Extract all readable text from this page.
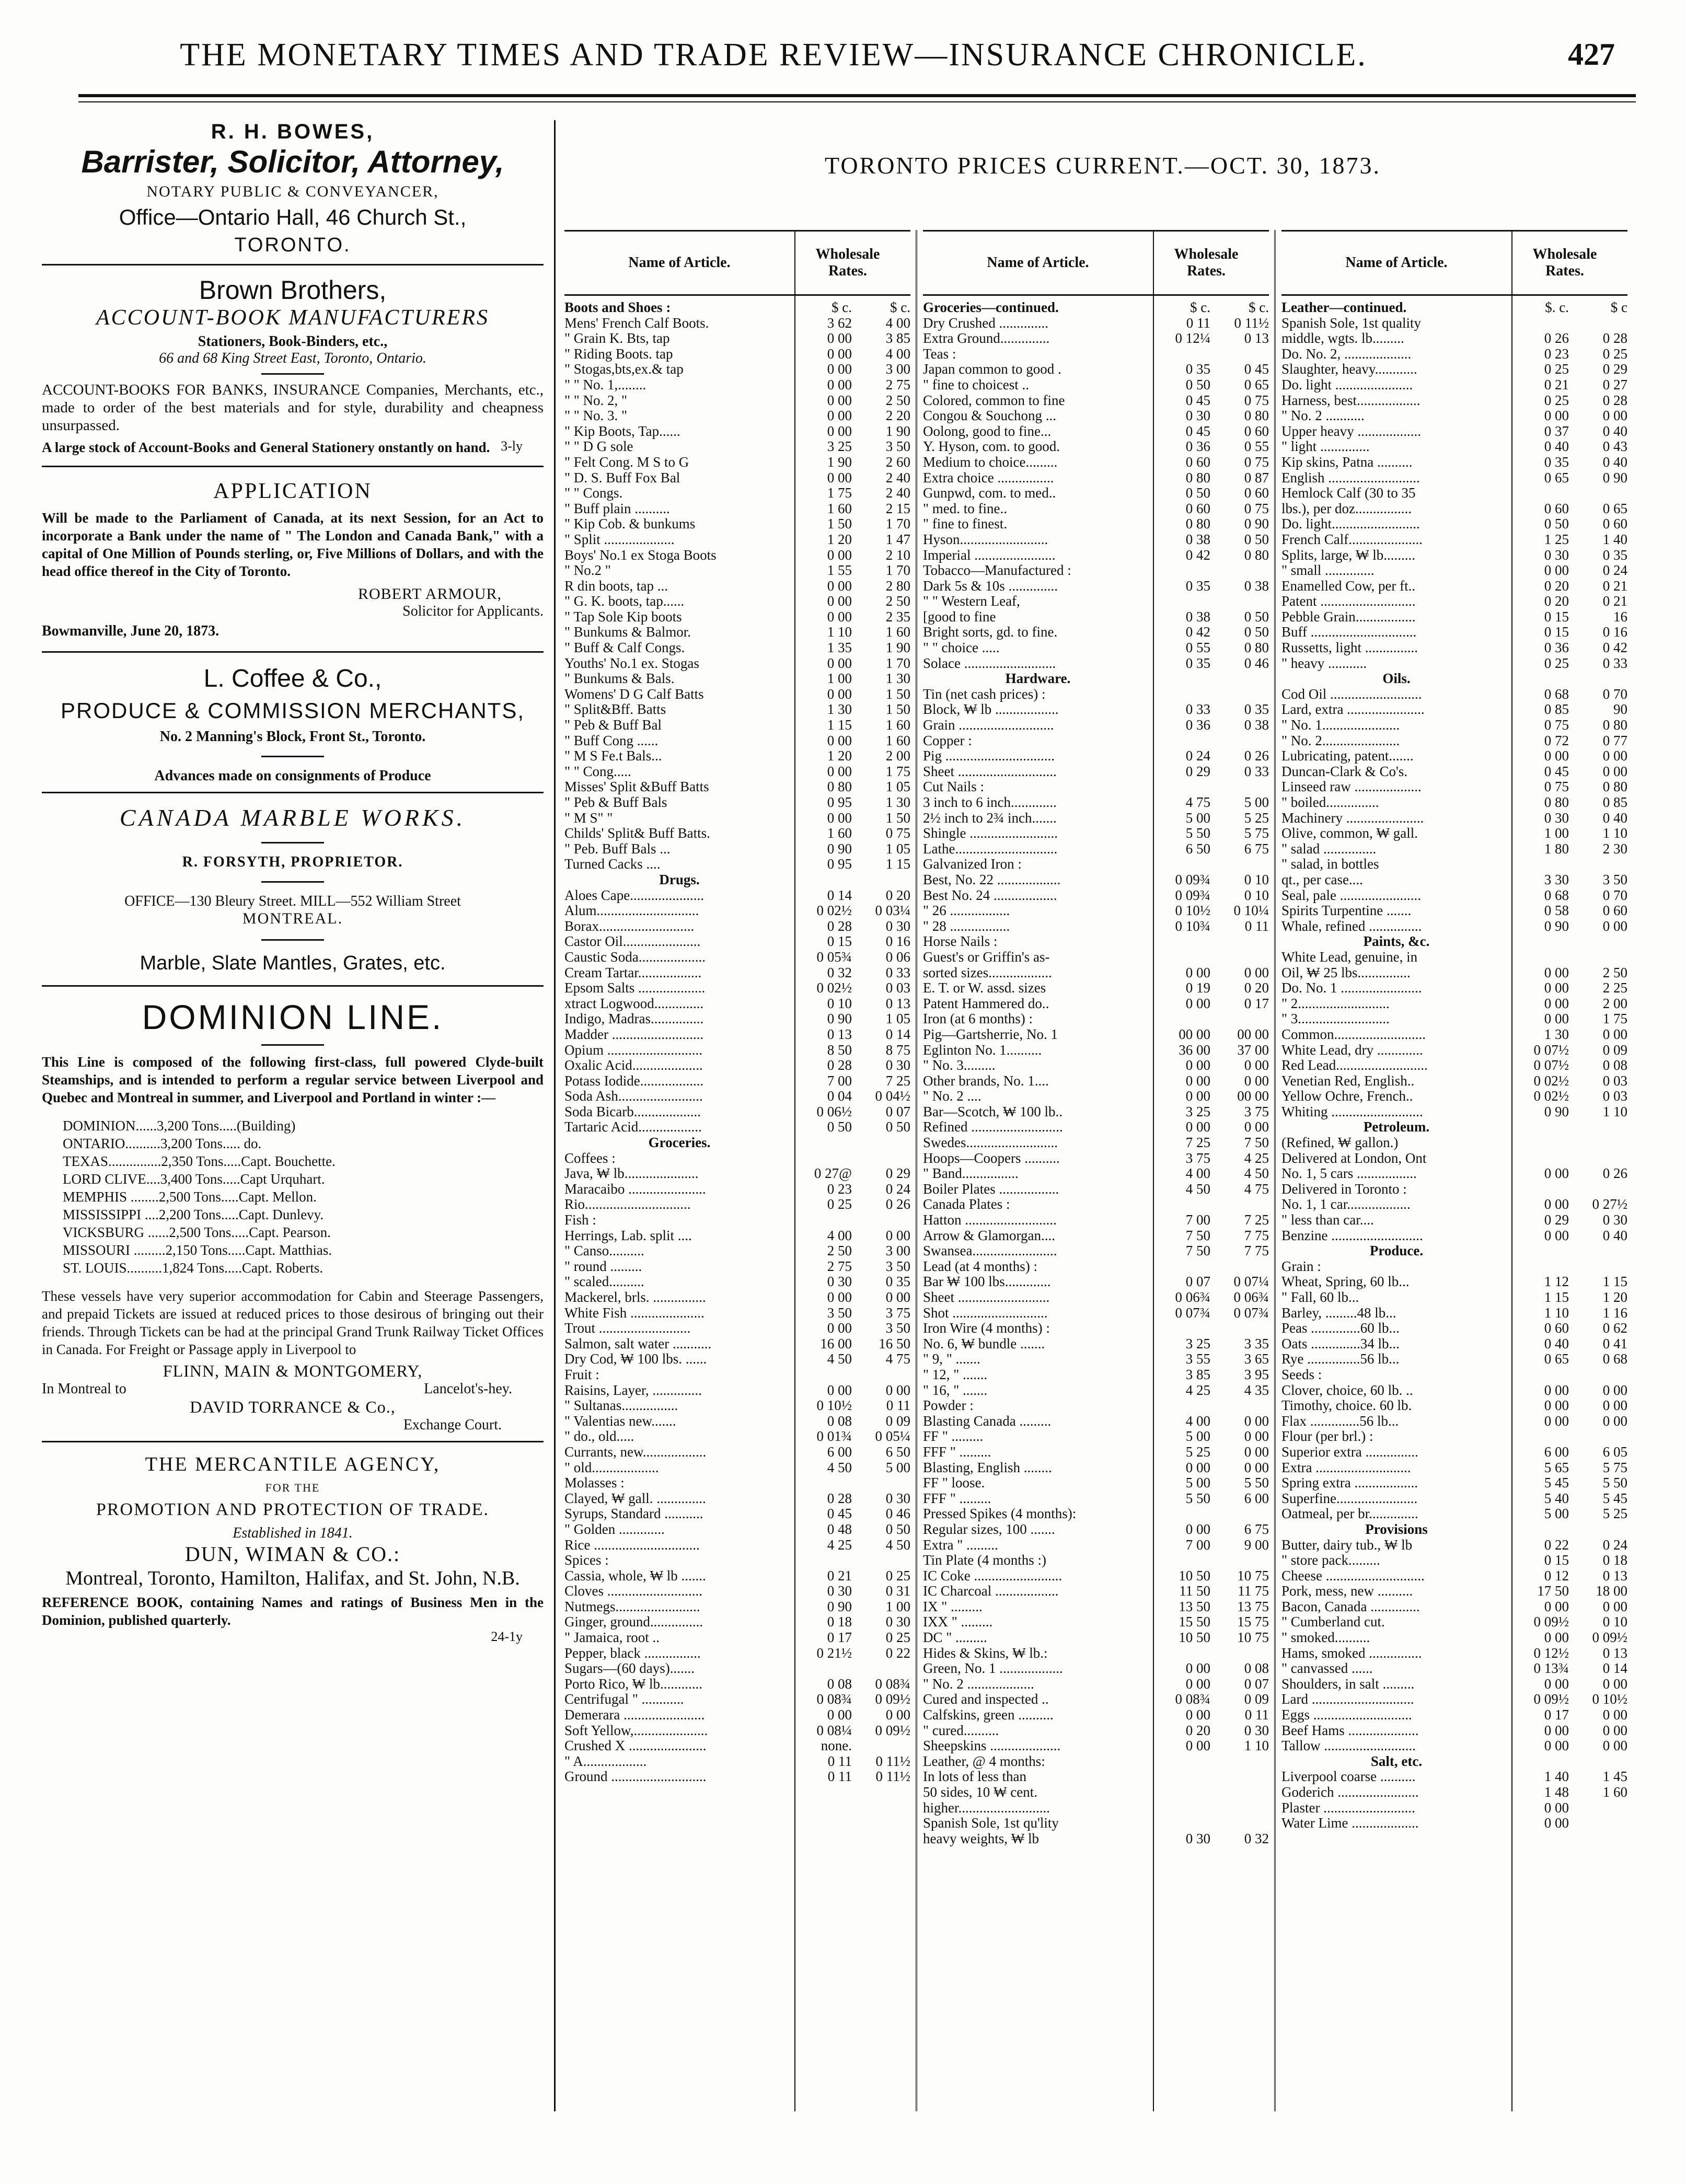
THE MONETARY TIMES AND TRADE REVIEW—INSURANCE CHRONICLE.	427
R. H. BOWES,
Barrister, Solicitor, Attorney,
NOTARY PUBLIC & CONVEYANCER,
Office—Ontario Hall, 46 Church St.,
TORONTO.
Brown Brothers,
ACCOUNT-BOOK MANUFACTURERS
Stationers, Book-Binders, etc.,
66 and 68 King Street East, Toronto, Ontario.
ACCOUNT-BOOKS FOR BANKS, INSURANCE Companies, Merchants, etc., made to order of the best materials and for style, durability and cheapness unsurpassed.
A large stock of Account-Books and General Stationery onstantly on hand. 3-ly
APPLICATION
Will be made to the Parliament of Canada, at its next Session, for an Act to incorporate a Bank under the name of " The London and Canada Bank," with a capital of One Million of Pounds sterling, or, Five Millions of Dollars, and with the head office thereof in the City of Toronto.
ROBERT ARMOUR,
Solicitor for Applicants.
Bowmanville, June 20, 1873.
L. Coffee & Co.,
PRODUCE & COMMISSION MERCHANTS,
No. 2 Manning's Block, Front St., Toronto.
Advances made on consignments of Produce
CANADA MARBLE WORKS.
R. FORSYTH, PROPRIETOR.
OFFICE—130 Bleury Street. MILL—552 William Street
MONTREAL.
Marble, Slate Mantles, Grates, etc.
DOMINION LINE.
This Line is composed of the following first-class, full powered Clyde-built Steamships, and is intended to perform a regular service between Liverpool and Quebec and Montreal in summer, and Liverpool and Portland in winter :—
DOMINION......3,200 Tons.....(Building)
ONTARIO..........3,200 Tons..... do.
TEXAS...............2,350 Tons.....Capt. Bouchette.
LORD CLIVE....3,400 Tons.....Capt Urquhart.
MEMPHIS ........2,500 Tons.....Capt. Mellon.
MISSISSIPPI ....2,200 Tons.....Capt. Dunlevy.
VICKSBURG ......2,500 Tons.....Capt. Pearson.
MISSOURI .........2,150 Tons.....Capt. Matthias.
ST. LOUIS..........1,824 Tons.....Capt. Roberts.
These vessels have very superior accommodation for Cabin and Steerage Passengers, and prepaid Tickets are issued at reduced prices to those desirous of bringing out their friends. Through Tickets can be had at the principal Grand Trunk Railway Ticket Offices in Canada. For Freight or Passage apply in Liverpool to
FLINN, MAIN & MONTGOMERY,
In Montreal to	Lancelot's-hey.
DAVID TORRANCE & Co.,
Exchange Court.
THE MERCANTILE AGENCY,
FOR THE
PROMOTION AND PROTECTION OF TRADE.
Established in 1841.
DUN, WIMAN & CO.:
Montreal, Toronto, Hamilton, Halifax, and St. John, N.B.
REFERENCE BOOK, containing Names and ratings of Business Men in the Dominion, published quarterly.
24-1y
TORONTO PRICES CURRENT.—OCT. 30, 1873.
Name of Article.
Wholesale Rates.
Boots and Shoes :	$ c.	$ c.
Mens' French Calf Boots.	3 62	4 00
" Grain K. Bts, tap	0 00	3 85
" Riding Boots. tap	0 00	4 00
" Stogas,bts,ex.& tap	0 00	3 00
" " No. 1,........	0 00	2 75
" " No. 2, "	0 00	2 50
" " No. 3. "	0 00	2 20
" Kip Boots, Tap......	0 00	1 90
" " D G sole	3 25	3 50
" Felt Cong. M S to G	1 90	2 60
" D. S. Buff Fox Bal	0 00	2 40
" " Congs.	1 75	2 40
" Buff plain ..........	1 60	2 15
" Kip Cob. & bunkums	1 50	1 70
" Split ....................	1 20	1 47
Boys' No.1 ex Stoga Boots	0 00	2 10
" No.2 "	1 55	1 70
R din boots, tap ...	0 00	2 80
" G. K. boots, tap......	0 00	2 50
" Tap Sole Kip boots	0 00	2 35
" Bunkums & Balmor.	1 10	1 60
" Buff & Calf Congs.	1 35	1 90
Youths' No.1 ex. Stogas	0 00	1 70
" Bunkums & Bals.	1 00	1 30
Womens' D G Calf Batts	0 00	1 50
" Split&Bff. Batts	1 30	1 50
" Peb & Buff Bal	1 15	1 60
" Buff Cong ......	0 00	1 60
" M S Fe.t Bals...	1 20	2 00
" " Cong.....	0 00	1 75
Misses' Split &Buff Batts	0 80	1 05
" Peb & Buff Bals	0 95	1 30
" M S" "	0 00	1 50
Childs' Split& Buff Batts.	1 60	0 75
" Peb. Buff Bals ...	0 90	1 05
Turned Cacks ....	0 95	1 15
Drugs.
Aloes Cape.....................	0 14	0 20
Alum.............................	0 02½	0 03¼
Borax...........................	0 28	0 30
Castor Oil......................	0 15	0 16
Caustic Soda...................	0 05¾	0 06
Cream Tartar..................	0 32	0 33
Epsom Salts ...................	0 02½	0 03
xtract Logwood..............	0 10	0 13
Indigo, Madras...............	0 90	1 05
Madder ..........................	0 13	0 14
Opium ...........................	8 50	8 75
Oxalic Acid....................	0 28	0 30
Potass Iodide..................	7 00	7 25
Soda Ash........................	0 04	0 04½
Soda Bicarb...................	0 06½	0 07
Tartaric Acid..................	0 50	0 50
Groceries.
Coffees :
Java, ₩ lb.....................	0 27@	0 29
Maracaibo ......................	0 23	0 24
Rio..............................	0 25	0 26
Fish :
Herrings, Lab. split ....	4 00	0 00
" Canso..........	2 50	3 00
" round .........	2 75	3 50
" scaled..........	0 30	0 35
Mackerel, brls. ...............	0 00	0 00
White Fish .....................	3 50	3 75
Trout ..........................	0 00	3 50
Salmon, salt water ...........	16 00	16 50
Dry Cod, ₩ 100 lbs. ......	4 50	4 75
Fruit :
Raisins, Layer, ..............	0 00	0 00
" Sultanas................	0 10½	0 11
" Valentias new.......	0 08	0 09
" do., old.....	0 01¾	0 05¼
Currants, new..................	6 00	6 50
" old...................	4 50	5 00
Molasses :
Clayed, ₩ gall. ..............	0 28	0 30
Syrups, Standard ...........	0 45	0 46
" Golden .............	0 48	0 50
Rice ..............................	4 25	4 50
Spices :
Cassia, whole, ₩ lb .......	0 21	0 25
Cloves ...........................	0 30	0 31
Nutmegs........................	0 90	1 00
Ginger, ground...............	0 18	0 30
" Jamaica, root ..	0 17	0 25
Pepper, black ................	0 21½	0 22
Sugars—(60 days).......
Porto Rico, ₩ lb............	0 08	0 08¾
Centrifugal " ............	0 08¾	0 09½
Demerara .......................	0 00	0 00
Soft Yellow,.....................	0 08¼	0 09½
Crushed X ......................	none.
" A..................	0 11	0 11½
Ground ...........................	0 11	0 11½
Name of Article.
Wholesale Rates.
Groceries—continued.	$ c.	$ c.
Dry Crushed ..............	0 11	0 11½
Extra Ground..............	0 12¼	0 13
Teas :
Japan common to good .	0 35	0 45
" fine to choicest ..	0 50	0 65
Colored, common to fine	0 45	0 75
Congou & Souchong ...	0 30	0 80
Oolong, good to fine...	0 45	0 60
Y. Hyson, com. to good.	0 36	0 55
Medium to choice.........	0 60	0 75
Extra choice ................	0 80	0 87
Gunpwd, com. to med..	0 50	0 60
" med. to fine..	0 60	0 75
" fine to finest.	0 80	0 90
Hyson.........................	0 38	0 50
Imperial .......................	0 42	0 80
Tobacco—Manufactured :
Dark 5s & 10s ..............	0 35	0 38
" " Western Leaf,
[good to fine	0 38	0 50
Bright sorts, gd. to fine.	0 42	0 50
" " choice .....	0 55	0 80
Solace ..........................	0 35	0 46
Hardware.
Tin (net cash prices) :
Block, ₩ lb ..................	0 33	0 35
Grain ...........................	0 36	0 38
Copper :
Pig ...............................	0 24	0 26
Sheet ............................	0 29	0 33
Cut Nails :
3 inch to 6 inch.............	4 75	5 00
2½ inch to 2¾ inch.......	5 00	5 25
Shingle .........................	5 50	5 75
Lathe.............................	6 50	6 75
Galvanized Iron :
Best, No. 22 ..................	0 09¾	0 10
Best No. 24 ..................	0 09¾	0 10
" 26 .................	0 10½	0 10¼
" 28 .................	0 10¾	0 11
Horse Nails :
Guest's or Griffin's as-
sorted sizes..................	0 00	0 00
E. T. or W. assd. sizes	0 19	0 20
Patent Hammered do..	0 00	0 17
Iron (at 6 months) :
Pig—Gartsherrie, No. 1	00 00	00 00
Eglinton No. 1..........	36 00	37 00
" No. 3.........	0 00	0 00
Other brands, No. 1....	0 00	0 00
" No. 2 ....	0 00	00 00
Bar—Scotch, ₩ 100 lb..	3 25	3 75
Refined ..........................	0 00	0 00
Swedes..........................	7 25	7 50
Hoops—Coopers ..........	3 75	4 25
" Band................	4 00	4 50
Boiler Plates .................	4 50	4 75
Canada Plates :
Hatton ..........................	7 00	7 25
Arrow & Glamorgan....	7 50	7 75
Swansea........................	7 50	7 75
Lead (at 4 months) :
Bar ₩ 100 lbs.............	0 07	0 07¼
Sheet ..........................	0 06¾	0 06¾
Shot ...........................	0 07¾	0 07¾
Iron Wire (4 months) :
No. 6, ₩ bundle .......	3 25	3 35
" 9, " .......	3 55	3 65
" 12, " .......	3 85	3 95
" 16, " .......	4 25	4 35
Powder :
Blasting Canada .........	4 00	0 00
FF " .........	5 00	0 00
FFF " .........	5 25	0 00
Blasting, English ........	0 00	0 00
FF " loose.	5 00	5 50
FFF " .........	5 50	6 00
Pressed Spikes (4 months):
Regular sizes, 100 .......	0 00	6 75
Extra " .........	7 00	9 00
Tin Plate (4 months :)
IC Coke .........................	10 50	10 75
IC Charcoal ..................	11 50	11 75
IX " .........	13 50	13 75
IXX " .........	15 50	15 75
DC " .........	10 50	10 75
Hides & Skins, ₩ lb.:
Green, No. 1 ..................	0 00	0 08
" No. 2 ...................	0 00	0 07
Cured and inspected ..	0 08¾	0 09
Calfskins, green ..........	0 00	0 11
" cured..........	0 20	0 30
Sheepskins ....................	0 00	1 10
Leather, @ 4 months:
In lots of less than
50 sides, 10 ₩ cent.
higher..........................
Spanish Sole, 1st qu'lity
heavy weights, ₩ lb	0 30	0 32
Name of Article.
Wholesale Rates.
Leather—continued.	$. c.	$ c
Spanish Sole, 1st quality
middle, wgts. lb.........	0 26	0 28
Do. No. 2, ...................	0 23	0 25
Slaughter, heavy............	0 25	0 29
Do. light ......................	0 21	0 27
Harness, best..................	0 25	0 28
" No. 2 ...........	0 00	0 00
Upper heavy ..................	0 37	0 40
" light ..............	0 40	0 43
Kip skins, Patna ..........	0 35	0 40
English ..........................	0 65	0 90
Hemlock Calf (30 to 35
lbs.), per doz................	0 60	0 65
Do. light.........................	0 50	0 60
French Calf.....................	1 25	1 40
Splits, large, ₩ lb.........	0 30	0 35
" small ..............	0 00	0 24
Enamelled Cow, per ft..	0 20	0 21
Patent ...........................	0 20	0 21
Pebble Grain.................	0 15	16
Buff ..............................	0 15	0 16
Russetts, light ...............	0 36	0 42
" heavy ...........	0 25	0 33
Oils.
Cod Oil ..........................	0 68	0 70
Lard, extra ......................	0 85	90
" No. 1......................	0 75	0 80
" No. 2......................	0 72	0 77
Lubricating, patent.......	0 00	0 00
Duncan-Clark & Co's.	0 45	0 00
Linseed raw ...................	0 75	0 80
" boiled...............	0 80	0 85
Machinery ......................	0 30	0 40
Olive, common, ₩ gall.	1 00	1 10
" salad ...............	1 80	2 30
" salad, in bottles
qt., per case....	3 30	3 50
Seal, pale .......................	0 68	0 70
Spirits Turpentine .......	0 58	0 60
Whale, refined ...............	0 90	0 00
Paints, &c.
White Lead, genuine, in
Oil, ₩ 25 lbs...............	0 00	2 50
Do. No. 1 .......................	0 00	2 25
" 2..........................	0 00	2 00
" 3..........................	0 00	1 75
Common..........................	1 30	0 00
White Lead, dry .............	0 07½	0 09
Red Lead..........................	0 07½	0 08
Venetian Red, English..	0 02½	0 03
Yellow Ochre, French..	0 02½	0 03
Whiting ..........................	0 90	1 10
Petroleum.
(Refined, ₩ gallon.)
Delivered at London, Ont
No. 1, 5 cars .................	0 00	0 26
Delivered in Toronto :
No. 1, 1 car..................	0 00	0 27½
" less than car....	0 29	0 30
Benzine ..........................	0 00	0 40
Produce.
Grain :
Wheat, Spring, 60 lb...	1 12	1 15
" Fall, 60 lb...	1 15	1 20
Barley, .........48 lb...	1 10	1 16
Peas ..............60 lb...	0 60	0 62
Oats ..............34 lb...	0 40	0 41
Rye ...............56 lb...	0 65	0 68
Seeds :
Clover, choice, 60 lb. ..	0 00	0 00
Timothy, choice. 60 lb.	0 00	0 00
Flax ..............56 lb...	0 00	0 00
Flour (per brl.) :
Superior extra ...............	6 00	6 05
Extra ...........................	5 65	5 75
Spring extra ..................	5 45	5 50
Superfine.......................	5 40	5 45
Oatmeal, per br..............	5 00	5 25
Provisions
Butter, dairy tub., ₩ lb	0 22	0 24
" store pack.........	0 15	0 18
Cheese ............................	0 12	0 13
Pork, mess, new ..........	17 50	18 00
Bacon, Canada ..............	0 00	0 00
" Cumberland cut.	0 09½	0 10
" smoked..........	0 00	0 09½
Hams, smoked ...............	0 12½	0 13
" canvassed ......	0 13¾	0 14
Shoulders, in salt .........	0 00	0 00
Lard .............................	0 09½	0 10½
Eggs ............................	0 17	0 00
Beef Hams ....................	0 00	0 00
Tallow ..........................	0 00	0 00
Salt, etc.
Liverpool coarse ..........	1 40	1 45
Goderich .......................	1 48	1 60
Plaster ..........................	0 00
Water Lime ...................	0 00
